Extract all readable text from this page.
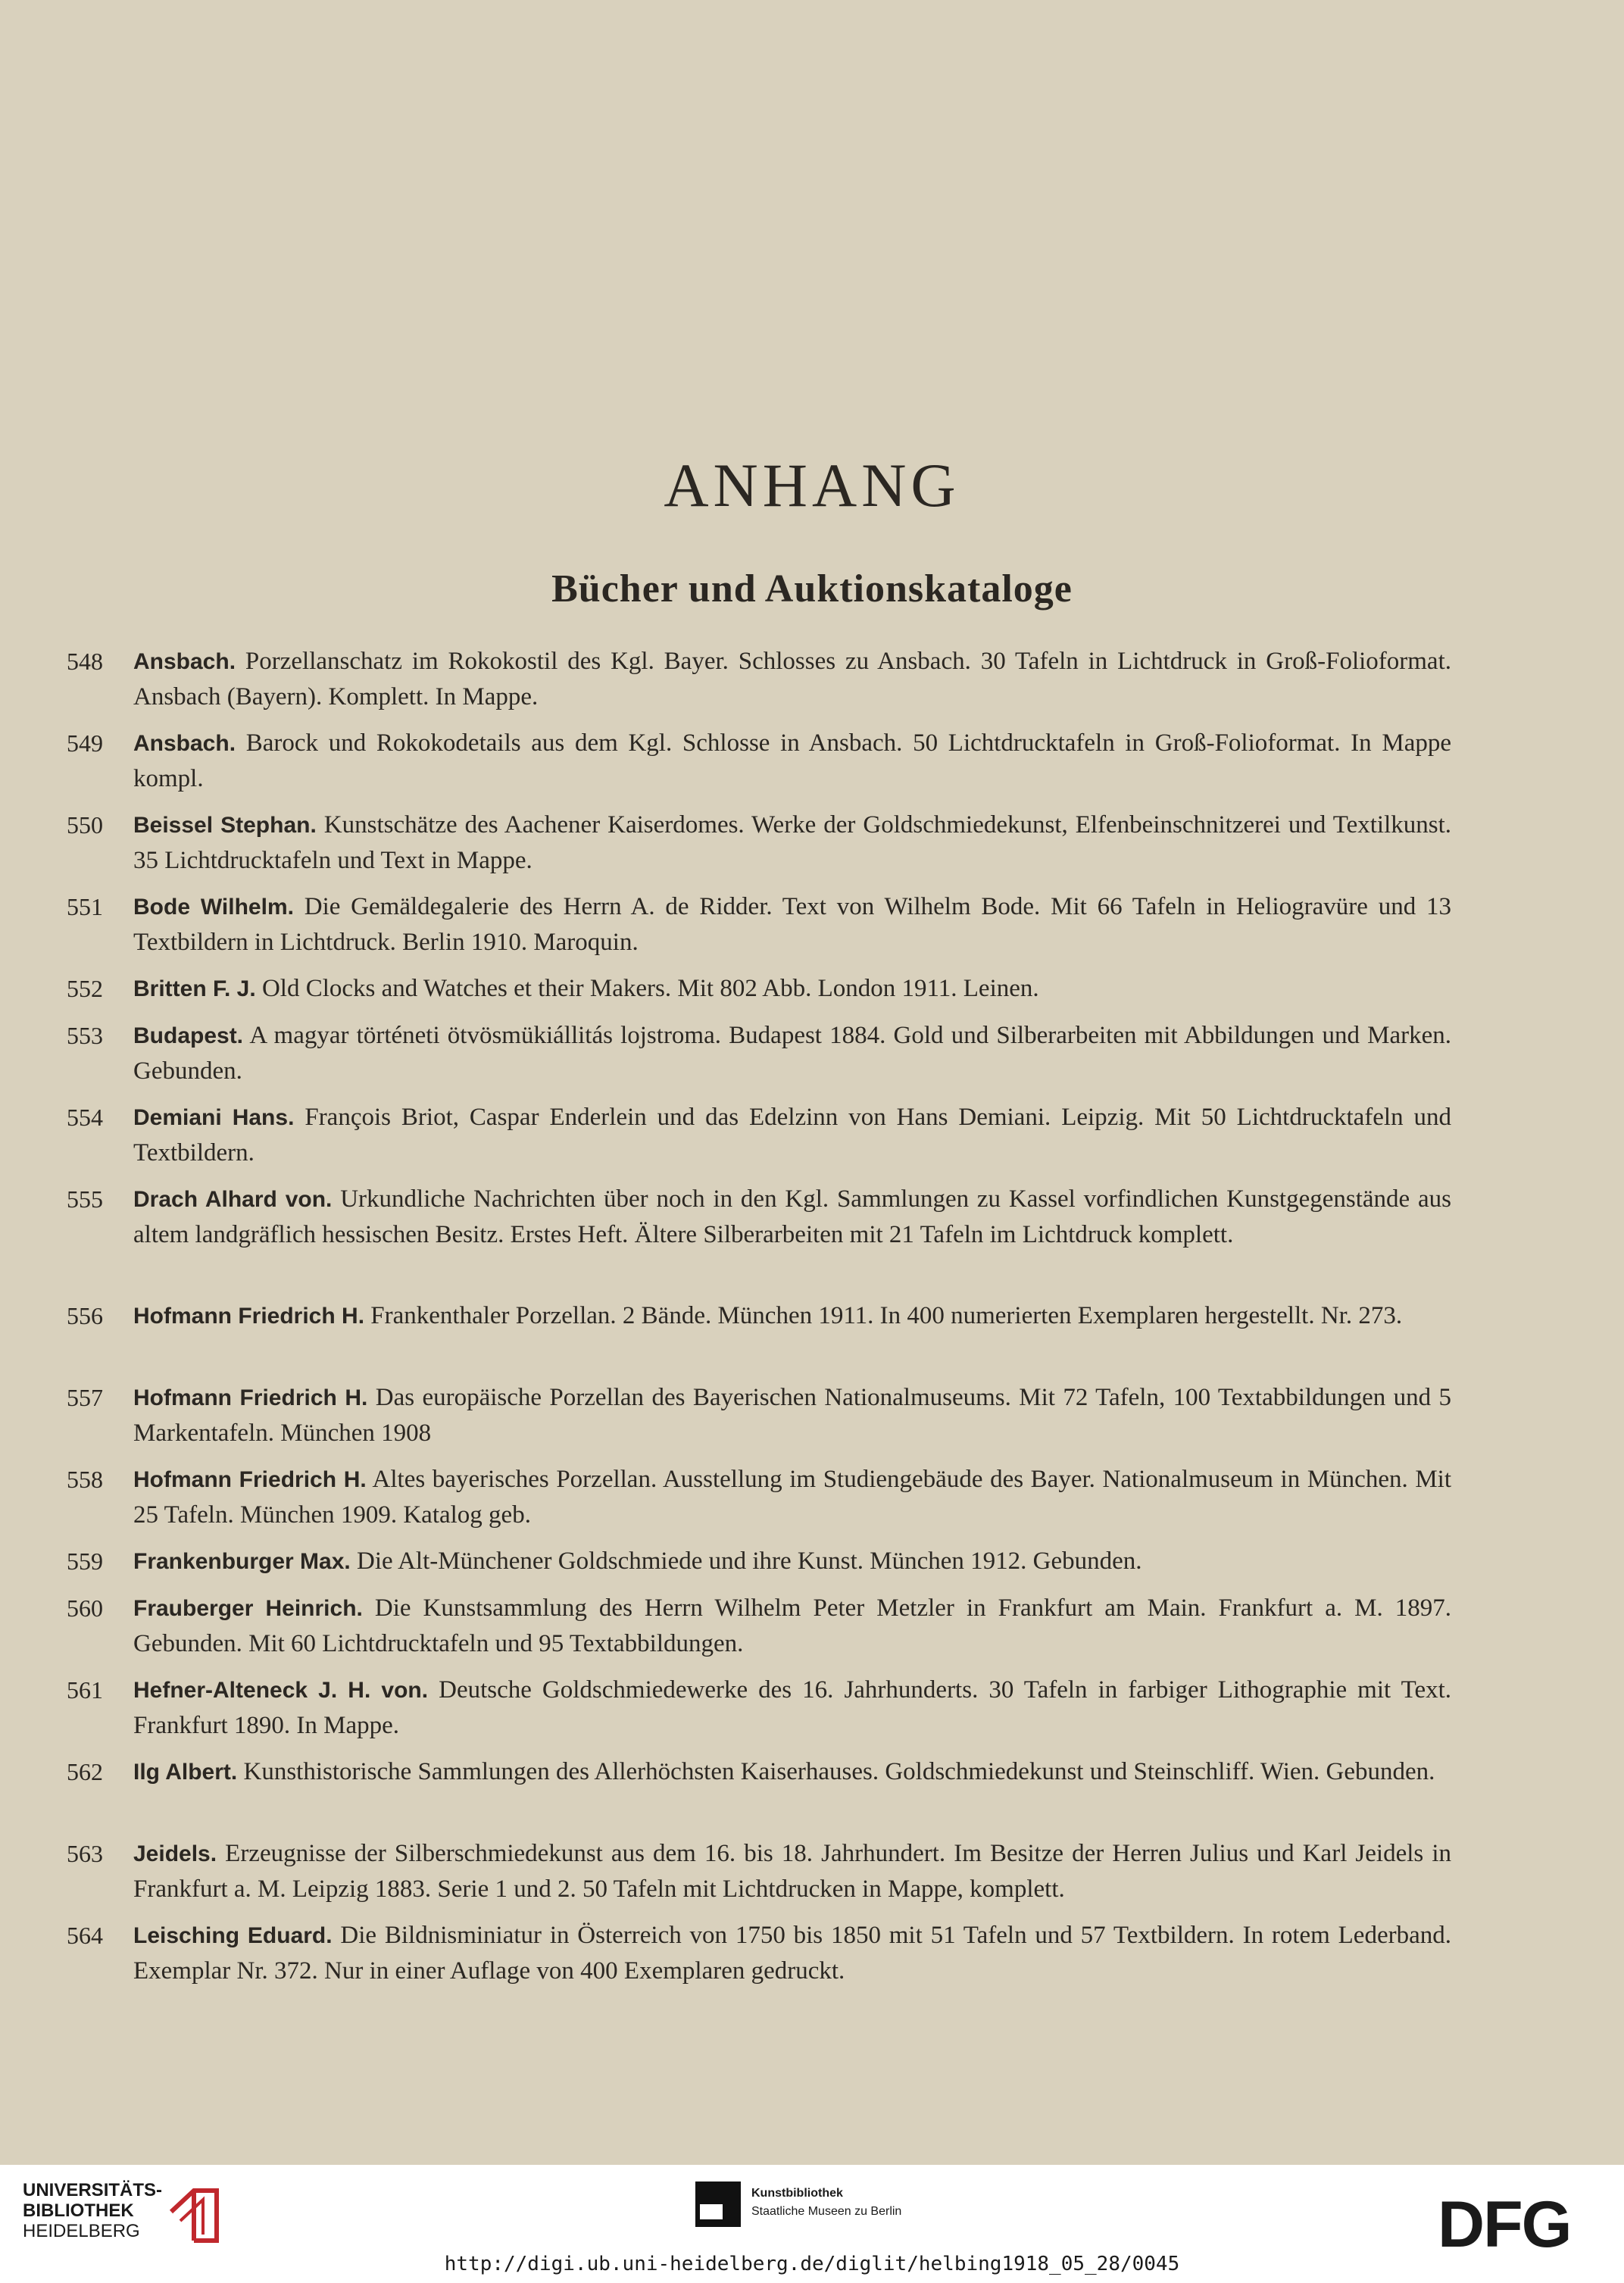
ANHANG
Bücher und Auktionskataloge
548 Ansbach. Porzellanschatz im Rokokostil des Kgl. Bayer. Schlosses zu Ansbach. 30 Tafeln in Lichtdruck in Groß-Folioformat. Ansbach (Bayern). Komplett. In Mappe.
549 Ansbach. Barock und Rokokodetails aus dem Kgl. Schlosse in Ansbach. 50 Lichtdrucktafeln in Groß-Folioformat. In Mappe kompl.
550 Beissel Stephan. Kunstschätze des Aachener Kaiserdomes. Werke der Goldschmiedekunst, Elfenbeinschnitzerei und Textilkunst. 35 Lichtdrucktafeln und Text in Mappe.
551 Bode Wilhelm. Die Gemäldegalerie des Herrn A. de Ridder. Text von Wilhelm Bode. Mit 66 Tafeln in Heliogravüre und 13 Textbildern in Lichtdruck. Berlin 1910. Maroquin.
552 Britten F. J. Old Clocks and Watches et their Makers. Mit 802 Abb. London 1911. Leinen.
553 Budapest. A magyar történeti ötvösmükiállitás lojstroma. Budapest 1884. Gold und Silberarbeiten mit Abbildungen und Marken. Gebunden.
554 Demiani Hans. François Briot, Caspar Enderlein und das Edelzinn von Hans Demiani. Leipzig. Mit 50 Lichtdrucktafeln und Textbildern.
555 Drach Alhard von. Urkundliche Nachrichten über noch in den Kgl. Sammlungen zu Kassel vorfindlichen Kunstgegenstände aus altem landgräflich hessischen Besitz. Erstes Heft. Ältere Silberarbeiten mit 21 Tafeln im Lichtdruck komplett.
556 Hofmann Friedrich H. Frankenthaler Porzellan. 2 Bände. München 1911. In 400 numerierten Exemplaren hergestellt. Nr. 273.
557 Hofmann Friedrich H. Das europäische Porzellan des Bayerischen Nationalmuseums. Mit 72 Tafeln, 100 Textabbildungen und 5 Markentafeln. München 1908
558 Hofmann Friedrich H. Altes bayerisches Porzellan. Ausstellung im Studiengebäude des Bayer. Nationalmuseum in München. Mit 25 Tafeln. München 1909. Katalog geb.
559 Frankenburger Max. Die Alt-Münchener Goldschmiede und ihre Kunst. München 1912. Gebunden.
560 Frauberger Heinrich. Die Kunstsammlung des Herrn Wilhelm Peter Metzler in Frankfurt am Main. Frankfurt a. M. 1897. Gebunden. Mit 60 Lichtdrucktafeln und 95 Textabbildungen.
561 Hefner-Alteneck J. H. von. Deutsche Goldschmiedewerke des 16. Jahrhunderts. 30 Tafeln in farbiger Lithographie mit Text. Frankfurt 1890. In Mappe.
562 Ilg Albert. Kunsthistorische Sammlungen des Allerhöchsten Kaiserhauses. Goldschmiedekunst und Steinschliff. Wien. Gebunden.
563 Jeidels. Erzeugnisse der Silberschmiedekunst aus dem 16. bis 18. Jahrhundert. Im Besitze der Herren Julius und Karl Jeidels in Frankfurt a. M. Leipzig 1883. Serie 1 und 2. 50 Tafeln mit Lichtdrucken in Mappe, komplett.
564 Leisching Eduard. Die Bildnisminiatur in Österreich von 1750 bis 1850 mit 51 Tafeln und 57 Textbildern. In rotem Lederband. Exemplar Nr. 372. Nur in einer Auflage von 400 Exemplaren gedruckt.
UNIVERSITÄTS-
BIBLIOTHEK
HEIDELBERG
Kunstbibliothek
Staatliche Museen zu Berlin	DFG
http://digi.ub.uni-heidelberg.de/diglit/helbing1918_05_28/0045
